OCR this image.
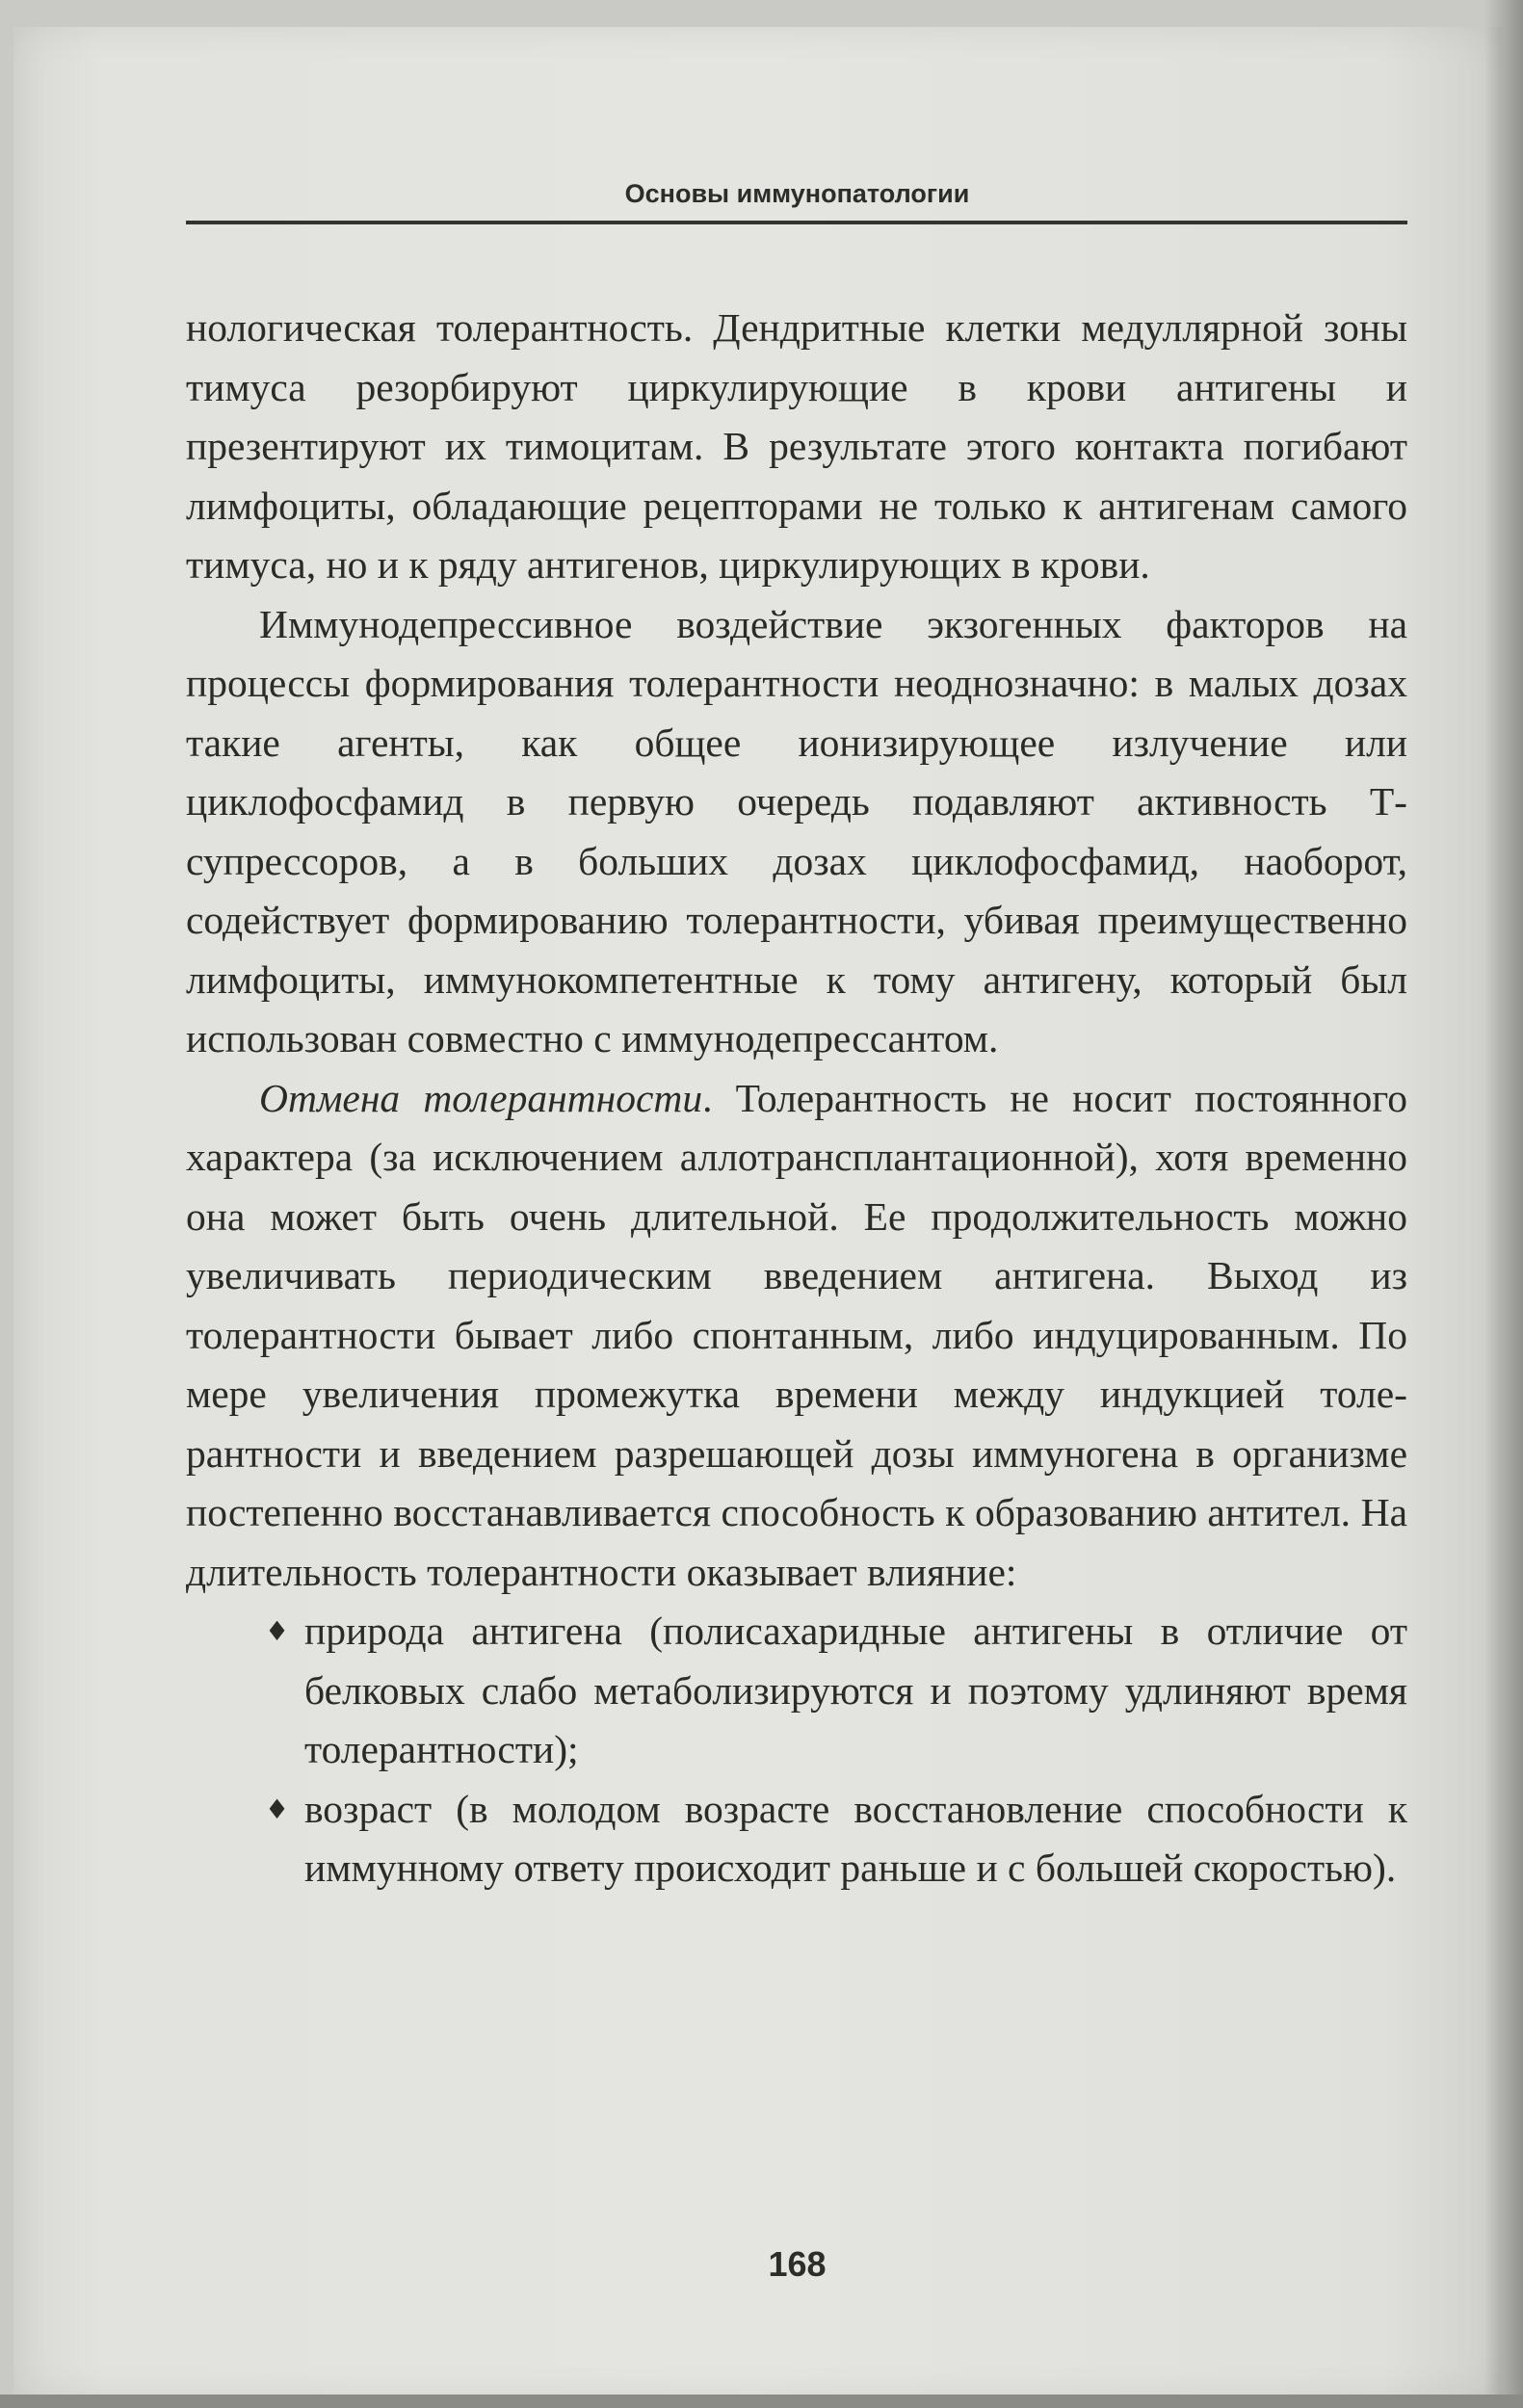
Основы иммунопатологии

нологическая толерантность. Дендритные клетки медуллярной зоны тимуса резорбируют циркулирующие в крови антигены и презентируют их тимоцитам. В результате этого контакта погибают лимфоциты, обладающие рецепторами не только к антигенам самого тимуса, но и к ряду антигенов, циркулирующих в крови.

Иммунодепрессивное воздействие экзогенных факторов на процессы формирования толерантности неоднозначно: в малых дозах такие агенты, как общее ионизирующее излучение или циклофосфамид в первую очередь подавляют активность Т-супрессоров, а в больших дозах циклофосфамид, наоборот, содействует формированию толерантности, убивая преимущественно лимфоциты, иммунокомпетентные к тому антигену, который был использован совместно с иммунодепрессантом.

Отмена толерантности. Толерантность не носит постоянного характера (за исключением аллотрансплантационной), хотя временно она может быть очень длительной. Ее продолжительность можно увеличивать периодическим введением антигена. Выход из толерантности бывает либо спонтанным, либо индуцированным. По мере увеличения промежутка времени между индукцией толерантности и введением разрешающей дозы иммуногена в организме постепенно восстанавливается способность к образованию антител. На длительность толерантности оказывает влияние:

♦ природа антигена (полисахаридные антигены в отличие от белковых слабо метаболизируются и поэтому удлиняют время толерантности);
♦ возраст (в молодом возрасте восстановление способности к иммунному ответу происходит раньше и с большей скоростью).
168
